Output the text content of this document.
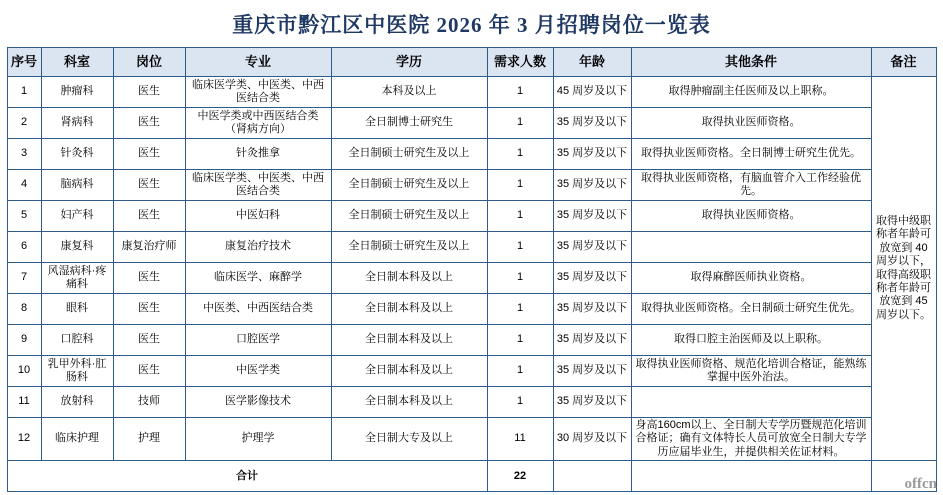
重庆市黔江区中医院 2026 年 3 月招聘岗位一览表
序号	科室	岗位	专业	学历	需求人数	年龄	其他条件	备注
1	肿瘤科	医生	临床医学类、中医类、中西医结合类	本科及以上	1	45 周岁及以下	取得肿瘤副主任医师及以上职称。	取得中级职称者年龄可放宽到 40 周岁以下，取得高级职称者年龄可放宽到 45 周岁以下。
2	肾病科	医生	中医学类或中西医结合类（肾病方向）	全日制博士研究生	1	35 周岁及以下	取得执业医师资格。	
3	针灸科	医生	针灸推拿	全日制硕士研究生及以上	1	35 周岁及以下	取得执业医师资格。全日制博士研究生优先。	
4	脑病科	医生	临床医学类、中医类、中西医结合类	全日制硕士研究生及以上	1	35 周岁及以下	取得执业医师资格，有脑血管介入工作经验优先。	
5	妇产科	医生	中医妇科	全日制硕士研究生及以上	1	35 周岁及以下	取得执业医师资格。	
6	康复科	康复治疗师	康复治疗技术	全日制硕士研究生及以上	1	35 周岁及以下		
7	风湿病科·疼痛科	医生	临床医学、麻醉学	全日制本科及以上	1	35 周岁及以下	取得麻醉医师执业资格。	
8	眼科	医生	中医类、中西医结合类	全日制本科及以上	1	35 周岁及以下	取得执业医师资格。全日制硕士研究生优先。	
9	口腔科	医生	口腔医学	全日制本科及以上	1	35 周岁及以下	取得口腔主治医师及以上职称。	
10	乳甲外科·肛肠科	医生	中医学类	全日制本科及以上	1	35 周岁及以下	取得执业医师资格、规范化培训合格证，能熟练掌握中医外治法。	
11	放射科	技师	医学影像技术	全日制本科及以上	1	35 周岁及以下		
12	临床护理	护理	护理学	全日制大专及以上	11	30 周岁及以下	身高160cm以上、全日制大专学历暨规范化培训合格证；确有文体特长人员可放宽全日制大专学历应届毕业生，并提供相关佐证材料。	
合计					22			
offcn
